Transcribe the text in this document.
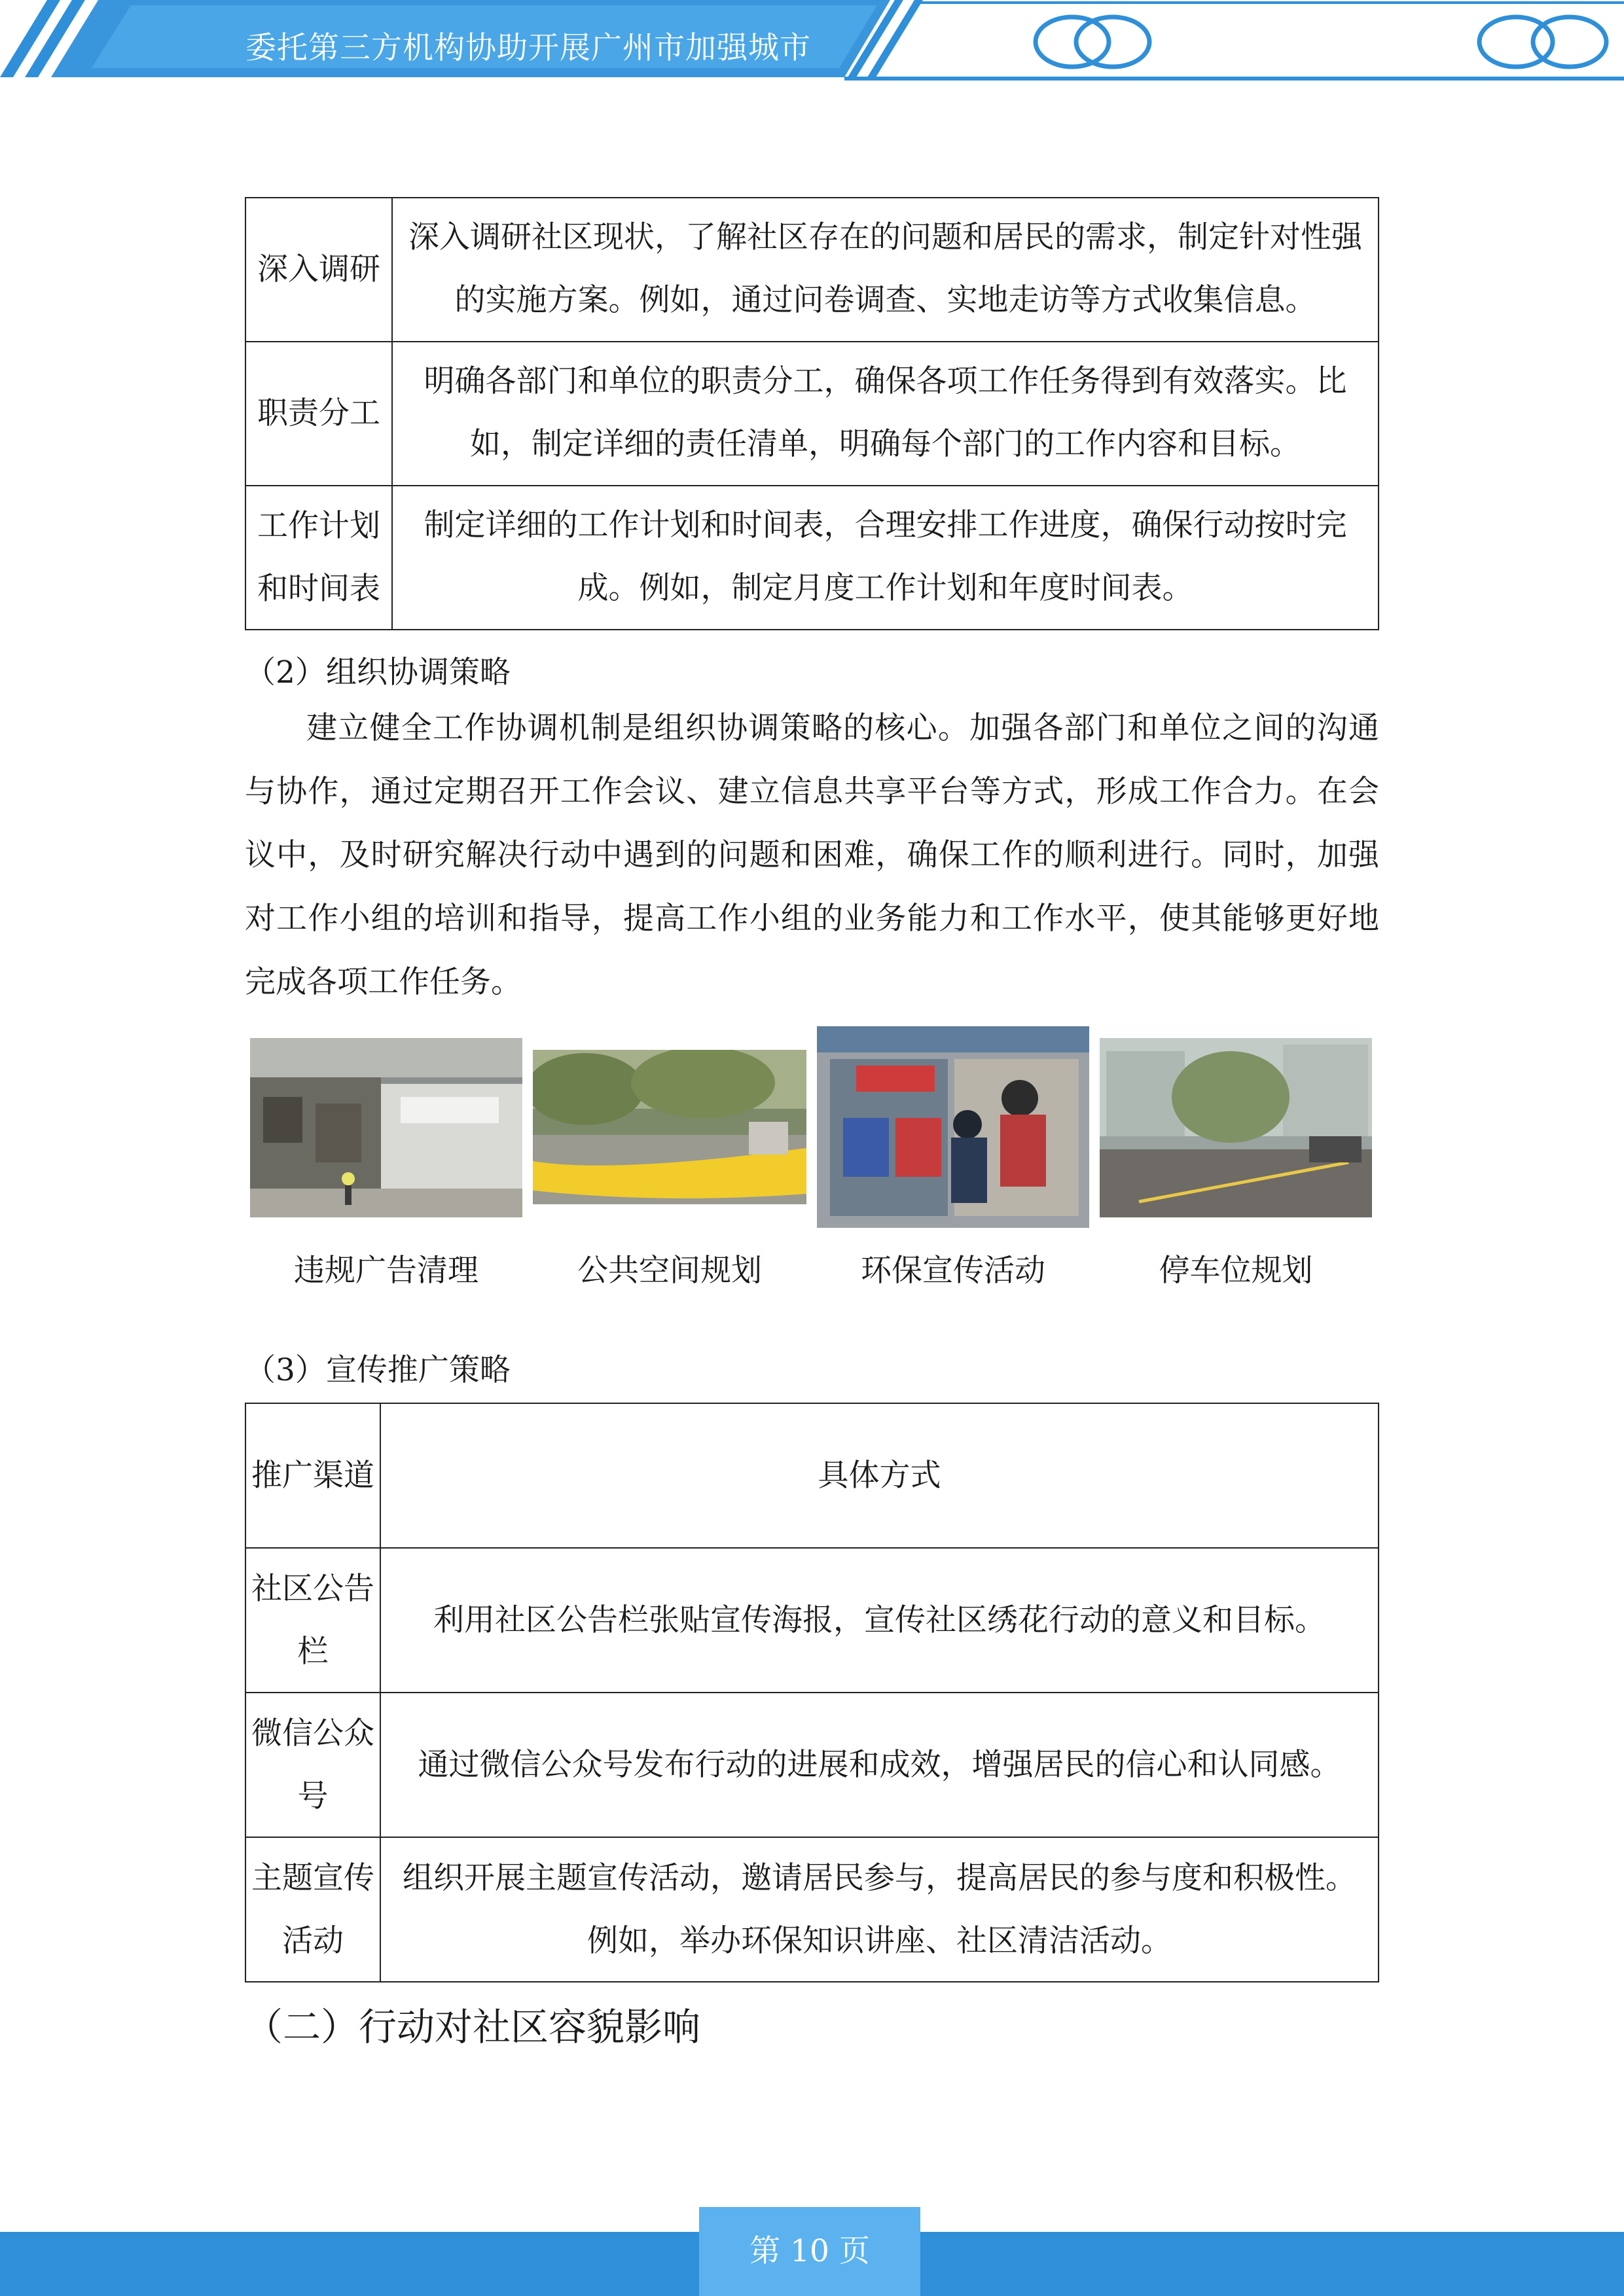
委托第三方机构协助开展广州市加强城市
深入调研	深入调研社区现状，了解社区存在的问题和居民的需求，制定针对性强的实施方案。例如，通过问卷调查、实地走访等方式收集信息。
职责分工	明确各部门和单位的职责分工，确保各项工作任务得到有效落实。比如，制定详细的责任清单，明确每个部门的工作内容和目标。
工作计划和时间表	制定详细的工作计划和时间表，合理安排工作进度，确保行动按时完成。例如，制定月度工作计划和年度时间表。
（2）组织协调策略

建立健全工作协调机制是组织协调策略的核心。加强各部门和单位之间的沟通与协作，通过定期召开工作会议、建立信息共享平台等方式，形成工作合力。在会议中，及时研究解决行动中遇到的问题和困难，确保工作的顺利进行。同时，加强对工作小组的培训和指导，提高工作小组的业务能力和工作水平，使其能够更好地完成各项工作任务。

违规广告清理	公共空间规划	环保宣传活动	停车位规划
（3）宣传推广策略
推广渠道	具体方式
社区公告栏	利用社区公告栏张贴宣传海报，宣传社区绣花行动的意义和目标。
微信公众号	通过微信公众号发布行动的进展和成效，增强居民的信心和认同感。
主题宣传活动	组织开展主题宣传活动，邀请居民参与，提高居民的参与度和积极性。例如，举办环保知识讲座、社区清洁活动。
（二）行动对社区容貌影响
第 10 页
